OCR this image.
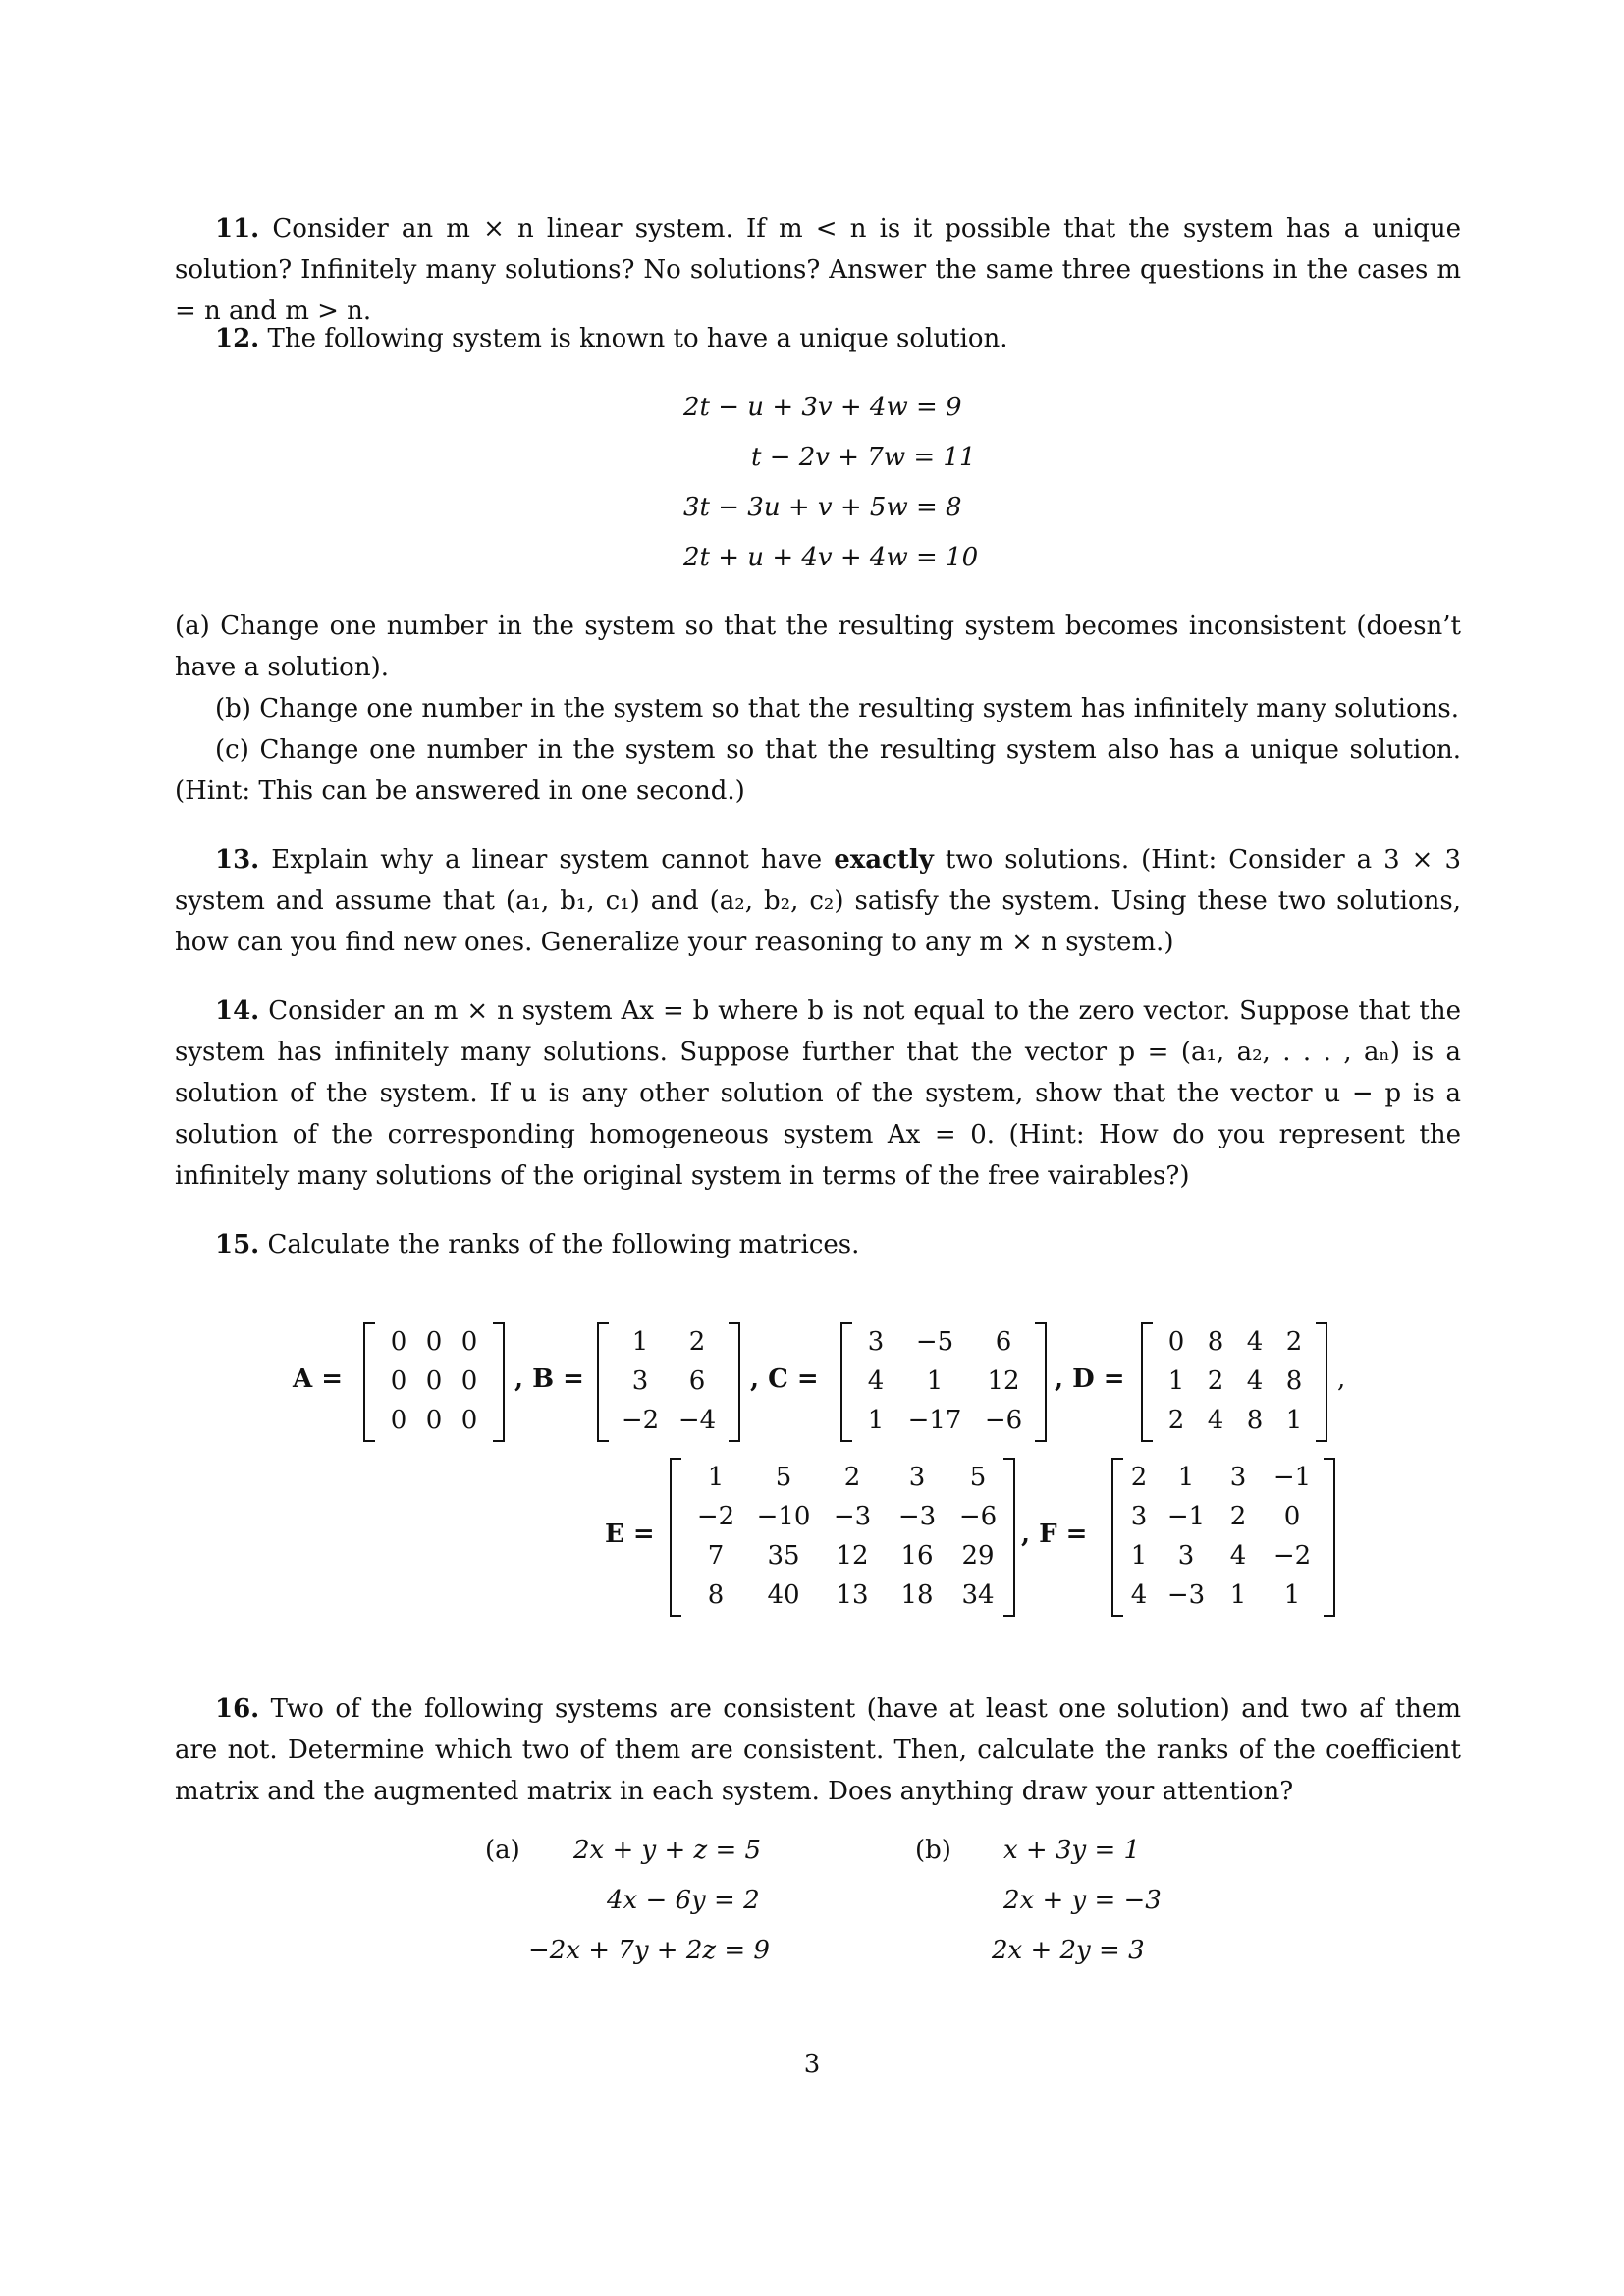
11. Consider an m × n linear system. If m < n is it possible that the system has a unique solution? Infinitely many solutions? No solutions? Answer the same three questions in the cases m = n and m > n.
12. The following system is known to have a unique solution.
2t − u + 3v + 4w = 9
t − 2v + 7w = 11
3t − 3u + v + 5w = 8
2t + u + 4v + 4w = 10
(a) Change one number in the system so that the resulting system becomes inconsistent (doesn’t have a solution).
(b) Change one number in the system so that the resulting system has infinitely many solutions.
(c) Change one number in the system so that the resulting system also has a unique solution. (Hint: This can be answered in one second.)
13. Explain why a linear system cannot have exactly two solutions. (Hint: Consider a 3 × 3 system and assume that (a₁, b₁, c₁) and (a₂, b₂, c₂) satisfy the system. Using these two solutions, how can you find new ones. Generalize your reasoning to any m × n system.)
14. Consider an m × n system Ax = b where b is not equal to the zero vector. Suppose that the system has infinitely many solutions. Suppose further that the vector p = (a₁, a₂, . . . , aₙ) is a solution of the system. If u is any other solution of the system, show that the vector u − p is a solution of the corresponding homogeneous system Ax = 0. (Hint: How do you represent the infinitely many solutions of the original system in terms of the free vairables?)
15. Calculate the ranks of the following matrices.
A =
0 0 0
0 0 0
0 0 0
, B =
1	2
3	6
−2 −4
, C =
3	−5	6
4	1	12
1 −17 −6
, D =
0 8 4 2
1 2 4 8
2 4 8 1
,
E =
1	5	2	3	5
−2 −10 −3	−3 −6
7	35	12	16	29
8	40	13	18	34
, F =
2	1	3	−1
3 −1 2	0
1	3	4	−2
4 −3 1	1
16. Two of the following systems are consistent (have at least one solution) and two af them are not. Determine which two of them are consistent. Then, calculate the ranks of the coefficient matrix and the augmented matrix in each system. Does anything draw your attention?
(a) 2x + y + z = 5
4x − 6y = 2
−2x + 7y + 2z = 9
(b) x + 3y = 1
2x + y = −3
2x + 2y = 3
3
